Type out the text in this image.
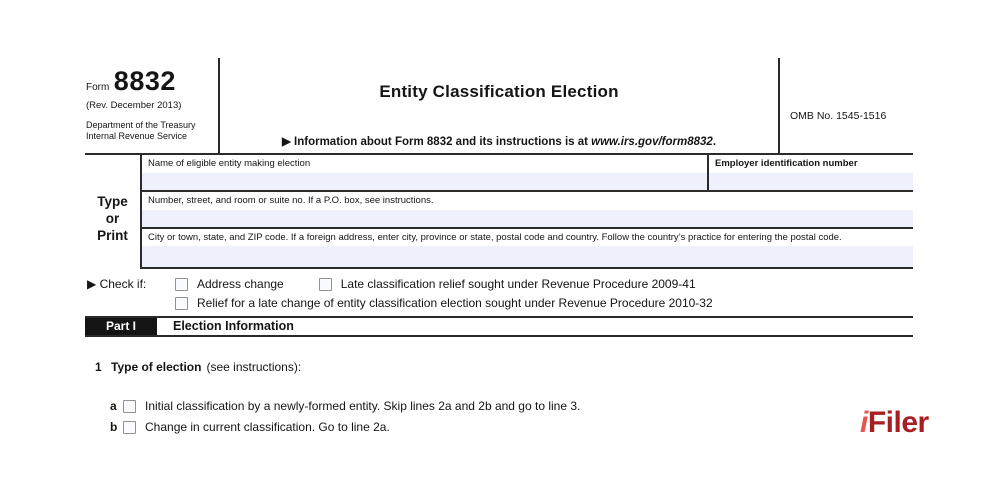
Form 8832
(Rev. December 2013)
Department of the Treasury
Internal Revenue Service
Entity Classification Election
▶ Information about Form 8832 and its instructions is at www.irs.gov/form8832.
OMB No. 1545-1516
Type
or
Print
Name of eligible entity making election	Employer identification number
Number, street, and room or suite no. If a P.O. box, see instructions.
City or town, state, and ZIP code. If a foreign address, enter city, province or state, postal code and country. Follow the country’s practice for entering the postal code.
▶ Check if:	Address change	Late classification relief sought under Revenue Procedure 2009-41
Relief for a late change of entity classification election sought under Revenue Procedure 2010-32
Part I	Election Information
1 Type of election (see instructions):
a Initial classification by a newly-formed entity. Skip lines 2a and 2b and go to line 3.
b Change in current classification. Go to line 2a.	iFiler
